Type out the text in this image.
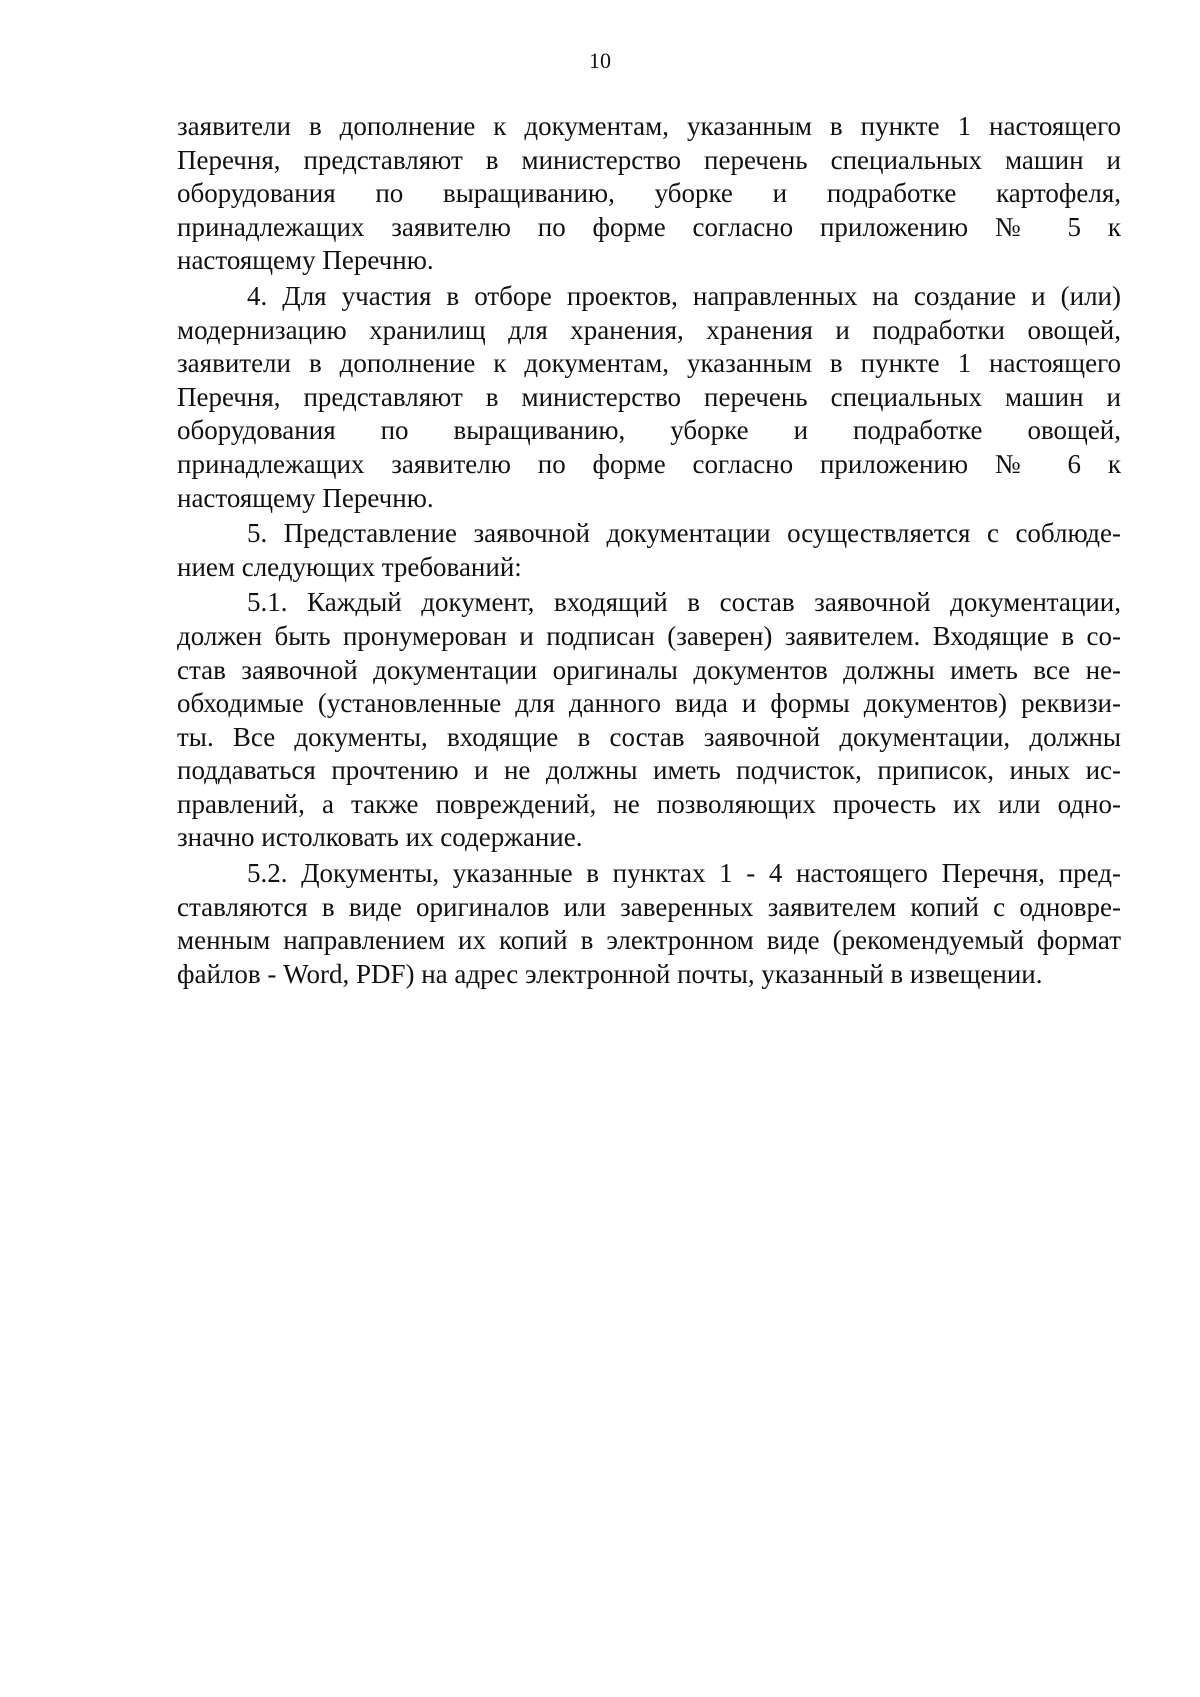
10
заявители в дополнение к документам, указанным в пункте 1 настоящего
Перечня, представляют в министерство перечень специальных машин и
оборудования по выращиванию, уборке и подработке картофеля,
принадлежащих заявителю по форме согласно приложению № 5 к
настоящему Перечню.
4. Для участия в отборе проектов, направленных на создание и (или)
модернизацию хранилищ для хранения, хранения и подработки овощей,
заявители в дополнение к документам, указанным в пункте 1 настоящего
Перечня, представляют в министерство перечень специальных машин и
оборудования по выращиванию, уборке и подработке овощей,
принадлежащих заявителю по форме согласно приложению № 6 к
настоящему Перечню.
5. Представление заявочной документации осуществляется с соблюде-
нием следующих требований:
5.1. Каждый документ, входящий в состав заявочной документации,
должен быть пронумерован и подписан (заверен) заявителем. Входящие в со-
став заявочной документации оригиналы документов должны иметь все не-
обходимые (установленные для данного вида и формы документов) реквизи-
ты. Все документы, входящие в состав заявочной документации, должны
поддаваться прочтению и не должны иметь подчисток, приписок, иных ис-
правлений, а также повреждений, не позволяющих прочесть их или одно-
значно истолковать их содержание.
5.2. Документы, указанные в пунктах 1 - 4 настоящего Перечня, пред-
ставляются в виде оригиналов или заверенных заявителем копий с одновре-
менным направлением их копий в электронном виде (рекомендуемый формат
файлов - Word, PDF) на адрес электронной почты, указанный в извещении.
